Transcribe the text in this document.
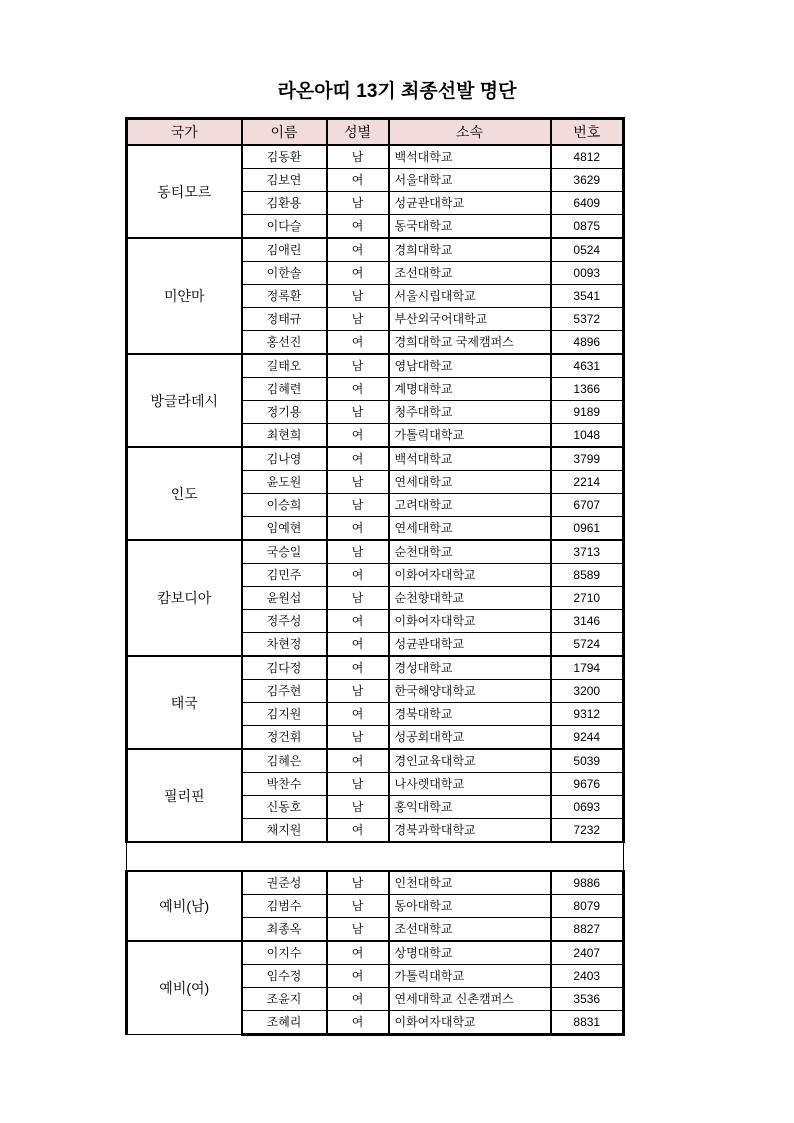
라온아띠 13기 최종선발 명단
국가	이름	성별	소속	번호
동티모르	김동환	남	백석대학교	4812
	김보연	여	서울대학교	3629
	김환용	남	성균관대학교	6409
	이다슬	여	동국대학교	0875
미얀마	김애린	여	경희대학교	0524
	이한솔	여	조선대학교	0093
	정록환	남	서울시립대학교	3541
	정태규	남	부산외국어대학교	5372
	홍선진	여	경희대학교 국제캠퍼스	4896
방글라데시	길태오	남	영남대학교	4631
	김혜련	여	계명대학교	1366
	정기용	남	청주대학교	9189
	최현희	여	가톨릭대학교	1048
인도	김나영	여	백석대학교	3799
	윤도원	남	연세대학교	2214
	이승희	남	고려대학교	6707
	임예현	여	연세대학교	0961
캄보디아	국승일	남	순천대학교	3713
	김민주	여	이화여자대학교	8589
	윤원섭	남	순천향대학교	2710
	정주성	여	이화여자대학교	3146
	차현정	여	성균관대학교	5724
태국	김다정	여	경성대학교	1794
	김주현	남	한국해양대학교	3200
	김지원	여	경북대학교	9312
	정건휘	남	성공회대학교	9244
필리핀	김혜은	여	경인교육대학교	5039
	박찬수	남	나사렛대학교	9676
	신동호	남	홍익대학교	0693
	채지원	여	경북과학대학교	7232

예비(남)	권준성	남	인천대학교	9886
	김범수	남	동아대학교	8079
	최종옥	남	조선대학교	8827
예비(여)	이지수	여	상명대학교	2407
	임수정	여	가톨릭대학교	2403
	조윤지	여	연세대학교 신촌캠퍼스	3536
	조혜리	여	이화여자대학교	8831
